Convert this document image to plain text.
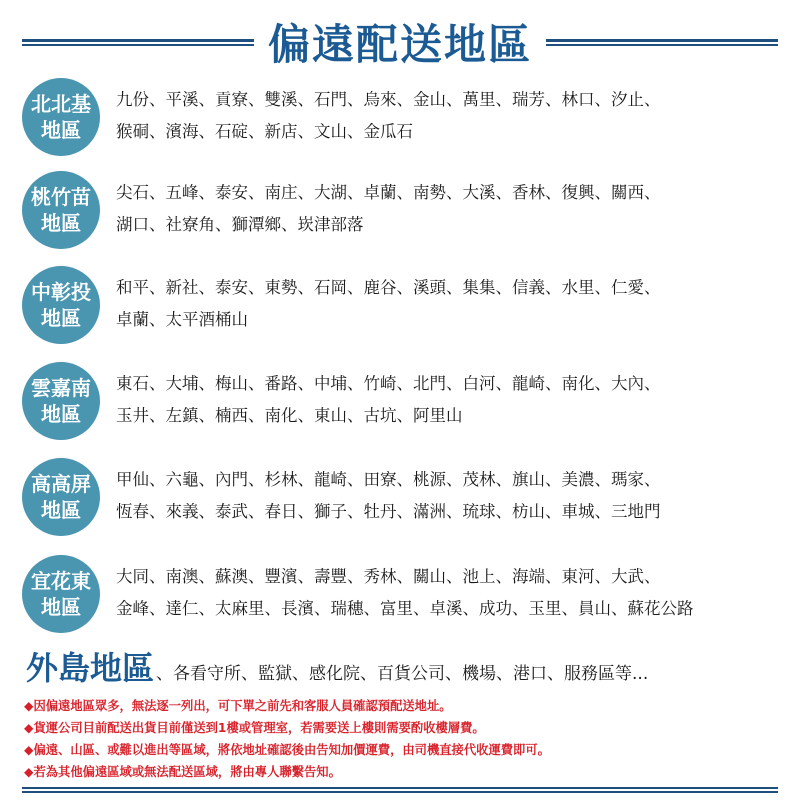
偏遠配送地區
北北基
地區
九份、平溪、貢寮、雙溪、石門、烏來、金山、萬里、瑞芳、林口、汐止、
猴硐、濱海、石碇、新店、文山、金瓜石
桃竹苗
地區
尖石、五峰、泰安、南庄、大湖、卓蘭、南勢、大溪、香林、復興、關西、
湖口、社寮角、獅潭鄉、崁津部落
中彰投
地區
和平、新社、泰安、東勢、石岡、鹿谷、溪頭、集集、信義、水里、仁愛、
卓蘭、太平酒桶山
雲嘉南
地區
東石、大埔、梅山、番路、中埔、竹崎、北門、白河、龍崎、南化、大內、
玉井、左鎮、楠西、南化、東山、古坑、阿里山
高高屏
地區
甲仙、六龜、內門、杉林、龍崎、田寮、桃源、茂林、旗山、美濃、瑪家、
恆春、來義、泰武、春日、獅子、牡丹、滿洲、琉球、枋山、車城、三地門
宜花東
地區
大同、南澳、蘇澳、豐濱、壽豐、秀林、關山、池上、海端、東河、大武、
金峰、達仁、太麻里、長濱、瑞穗、富里、卓溪、成功、玉里、員山、蘇花公路
外島地區 、各看守所、監獄、感化院、百貨公司、機場、港口、服務區等...
◆因偏遠地區眾多，無法逐一列出，可下單之前先和客服人員確認預配送地址。
◆貨運公司目前配送出貨目前僅送到1樓或管理室，若需要送上樓則需要酌收樓層費。
◆偏遠、山區、或難以進出等區域，將依地址確認後由告知加價運費，由司機直接代收運費即可。
◆若為其他偏遠區域或無法配送區域，將由專人聯繫告知。
